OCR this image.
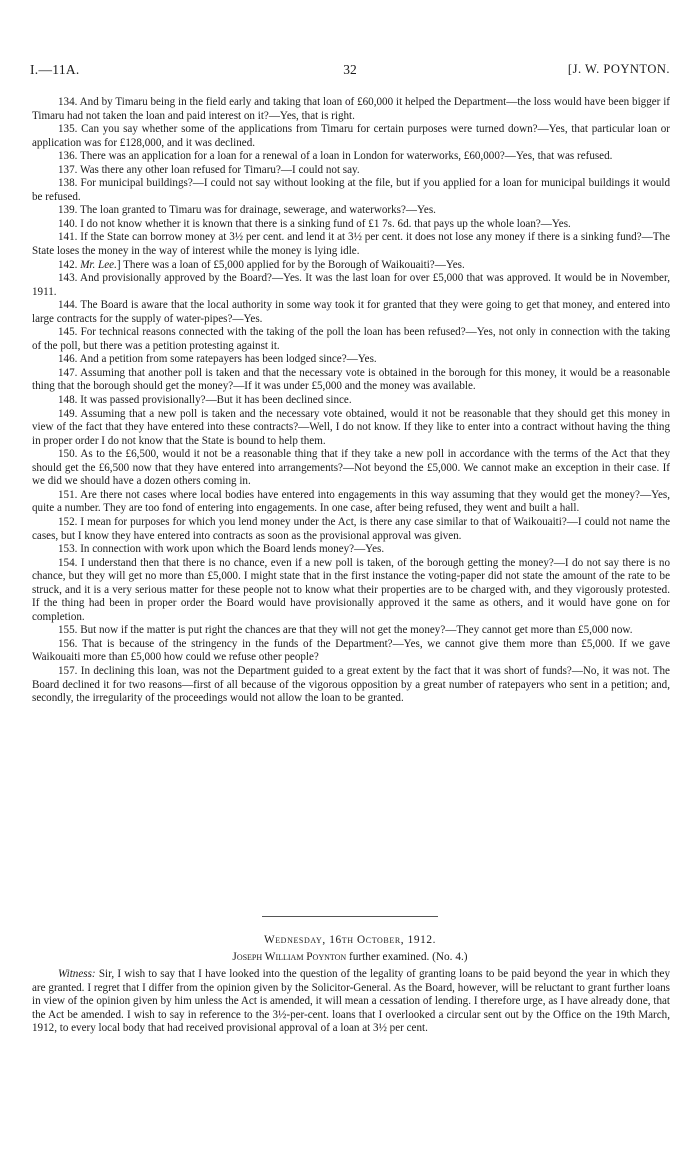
I.—11A.	32	[J. W. POYNTON.

134. And by Timaru being in the field early and taking that loan of £60,000 it helped the Department—the loss would have been bigger if Timaru had not taken the loan and paid interest on it?—Yes, that is right.

135. Can you say whether some of the applications from Timaru for certain purposes were turned down?—Yes, that particular loan or application was for £128,000, and it was declined.

136. There was an application for a loan for a renewal of a loan in London for waterworks, £60,000?—Yes, that was refused.

137. Was there any other loan refused for Timaru?—I could not say.

138. For municipal buildings?—I could not say without looking at the file, but if you applied for a loan for municipal buildings it would be refused.

139. The loan granted to Timaru was for drainage, sewerage, and waterworks?—Yes.

140. I do not know whether it is known that there is a sinking fund of £1 7s. 6d. that pays up the whole loan?—Yes.

141. If the State can borrow money at 3½ per cent. and lend it at 3½ per cent. it does not lose any money if there is a sinking fund?—The State loses the money in the way of interest while the money is lying idle.

142. Mr. Lee.] There was a loan of £5,000 applied for by the Borough of Waikouaiti?—Yes.

143. And provisionally approved by the Board?—Yes. It was the last loan for over £5,000 that was approved. It would be in November, 1911.

144. The Board is aware that the local authority in some way took it for granted that they were going to get that money, and entered into large contracts for the supply of water-pipes?—Yes.

145. For technical reasons connected with the taking of the poll the loan has been refused?—Yes, not only in connection with the taking of the poll, but there was a petition protesting against it.

146. And a petition from some ratepayers has been lodged since?—Yes.

147. Assuming that another poll is taken and that the necessary vote is obtained in the borough for this money, it would be a reasonable thing that the borough should get the money?—If it was under £5,000 and the money was available.

148. It was passed provisionally?—But it has been declined since.

149. Assuming that a new poll is taken and the necessary vote obtained, would it not be reasonable that they should get this money in view of the fact that they have entered into these contracts?—Well, I do not know. If they like to enter into a contract without having the thing in proper order I do not know that the State is bound to help them.

150. As to the £6,500, would it not be a reasonable thing that if they take a new poll in accordance with the terms of the Act that they should get the £6,500 now that they have entered into arrangements?—Not beyond the £5,000. We cannot make an exception in their case. If we did we should have a dozen others coming in.

151. Are there not cases where local bodies have entered into engagements in this way assuming that they would get the money?—Yes, quite a number. They are too fond of entering into engagements. In one case, after being refused, they went and built a hall.

152. I mean for purposes for which you lend money under the Act, is there any case similar to that of Waikouaiti?—I could not name the cases, but I know they have entered into contracts as soon as the provisional approval was given.

153. In connection with work upon which the Board lends money?—Yes.

154. I understand then that there is no chance, even if a new poll is taken, of the borough getting the money?—I do not say there is no chance, but they will get no more than £5,000. I might state that in the first instance the voting-paper did not state the amount of the rate to be struck, and it is a very serious matter for these people not to know what their properties are to be charged with, and they vigorously protested. If the thing had been in proper order the Board would have provisionally approved it the same as others, and it would have gone on for completion.

155. But now if the matter is put right the chances are that they will not get the money?—They cannot get more than £5,000 now.

156. That is because of the stringency in the funds of the Department?—Yes, we cannot give them more than £5,000. If we gave Waikouaiti more than £5,000 how could we refuse other people?

157. In declining this loan, was not the Department guided to a great extent by the fact that it was short of funds?—No, it was not. The Board declined it for two reasons—first of all because of the vigorous opposition by a great number of ratepayers who sent in a petition; and, secondly, the irregularity of the proceedings would not allow the loan to be granted.

Wednesday, 16th October, 1912.
Joseph William Poynton further examined. (No. 4.)

Witness: Sir, I wish to say that I have looked into the question of the legality of granting loans to be paid beyond the year in which they are granted. I regret that I differ from the opinion given by the Solicitor-General. As the Board, however, will be reluctant to grant further loans in view of the opinion given by him unless the Act is amended, it will mean a cessation of lending. I therefore urge, as I have already done, that the Act be amended. I wish to say in reference to the 3½-per-cent. loans that I overlooked a circular sent out by the Office on the 19th March, 1912, to every local body that had received provisional approval of a loan at 3½ per cent.
